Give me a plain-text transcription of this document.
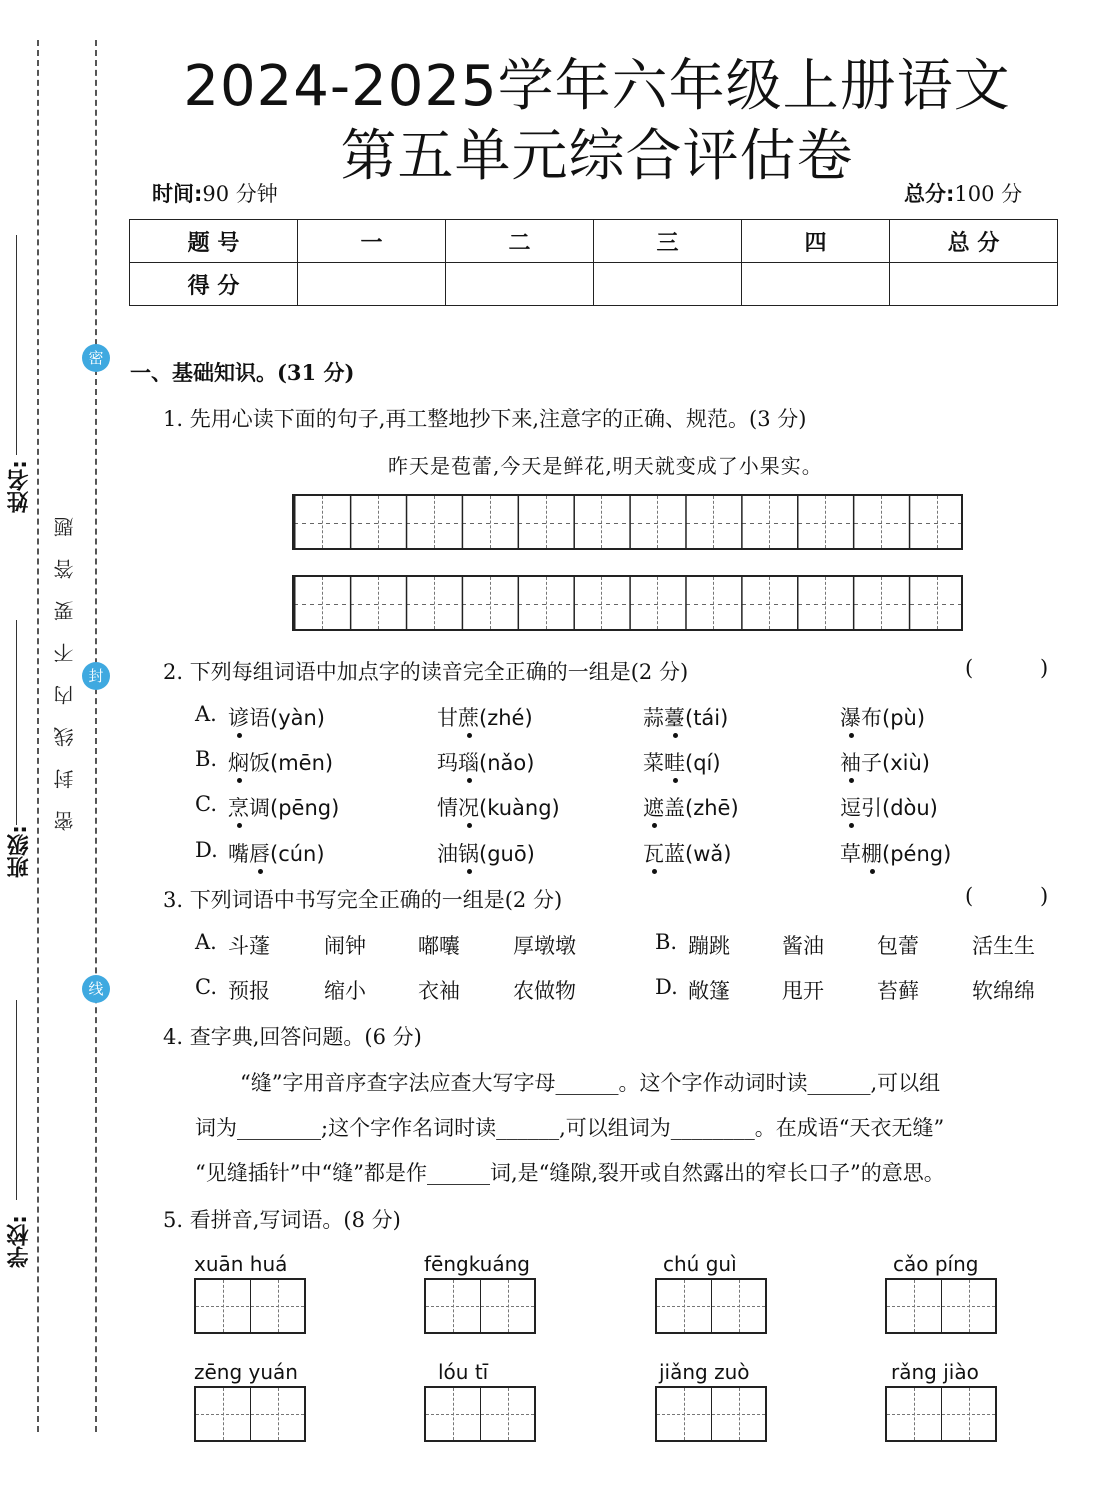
姓名:
班级:
学校:
密封线内不要答题
密
封
线
2024-2025学年六年级上册语文
第五单元综合评估卷
时间:90 分钟	总分:100 分
题 号	一	二	三	四	总 分
得 分					
一、基础知识。(31 分)
1. 先用心读下面的句子,再工整地抄下来,注意字的正确、规范。(3 分)
昨天是苞蕾,今天是鲜花,明天就变成了小果实。
2. 下列每组词语中加点字的读音完全正确的一组是(2 分)	(          )
A. 谚语(yàn)	甘蔗(zhé)	蒜薹(tái)	瀑布(pù)
B. 焖饭(mēn)	玛瑙(nǎo)	菜畦(qí)	袖子(xiù)
C. 烹调(pēng)	情况(kuàng)	遮盖(zhē)	逗引(dòu)
D. 嘴唇(cún)	油锅(guō)	瓦蓝(wǎ)	草棚(péng)
3. 下列词语中书写完全正确的一组是(2 分)	(          )
A. 斗蓬	闹钟 嘟囔	厚墩墩	B. 蹦跳 酱油	包蕾	活生生
C. 预报	缩小 衣袖	农做物	D. 敞篷 甩开	苔藓	软绵绵
4. 查字典,回答问题。(6 分)
“缝”字用音序查字法应查大写字母______。这个字作动词时读______,可以组
词为________;这个字作名词时读______,可以组词为________。在成语“天衣无缝”
“见缝插针”中“缝”都是作______词,是“缝隙,裂开或自然露出的窄长口子”的意思。
5. 看拼音,写词语。(8 分)
xuān huá	fēngkuáng	chú guì	cǎo píng
zēng yuán	lóu tī	jiǎng zuò	rǎng jiào
